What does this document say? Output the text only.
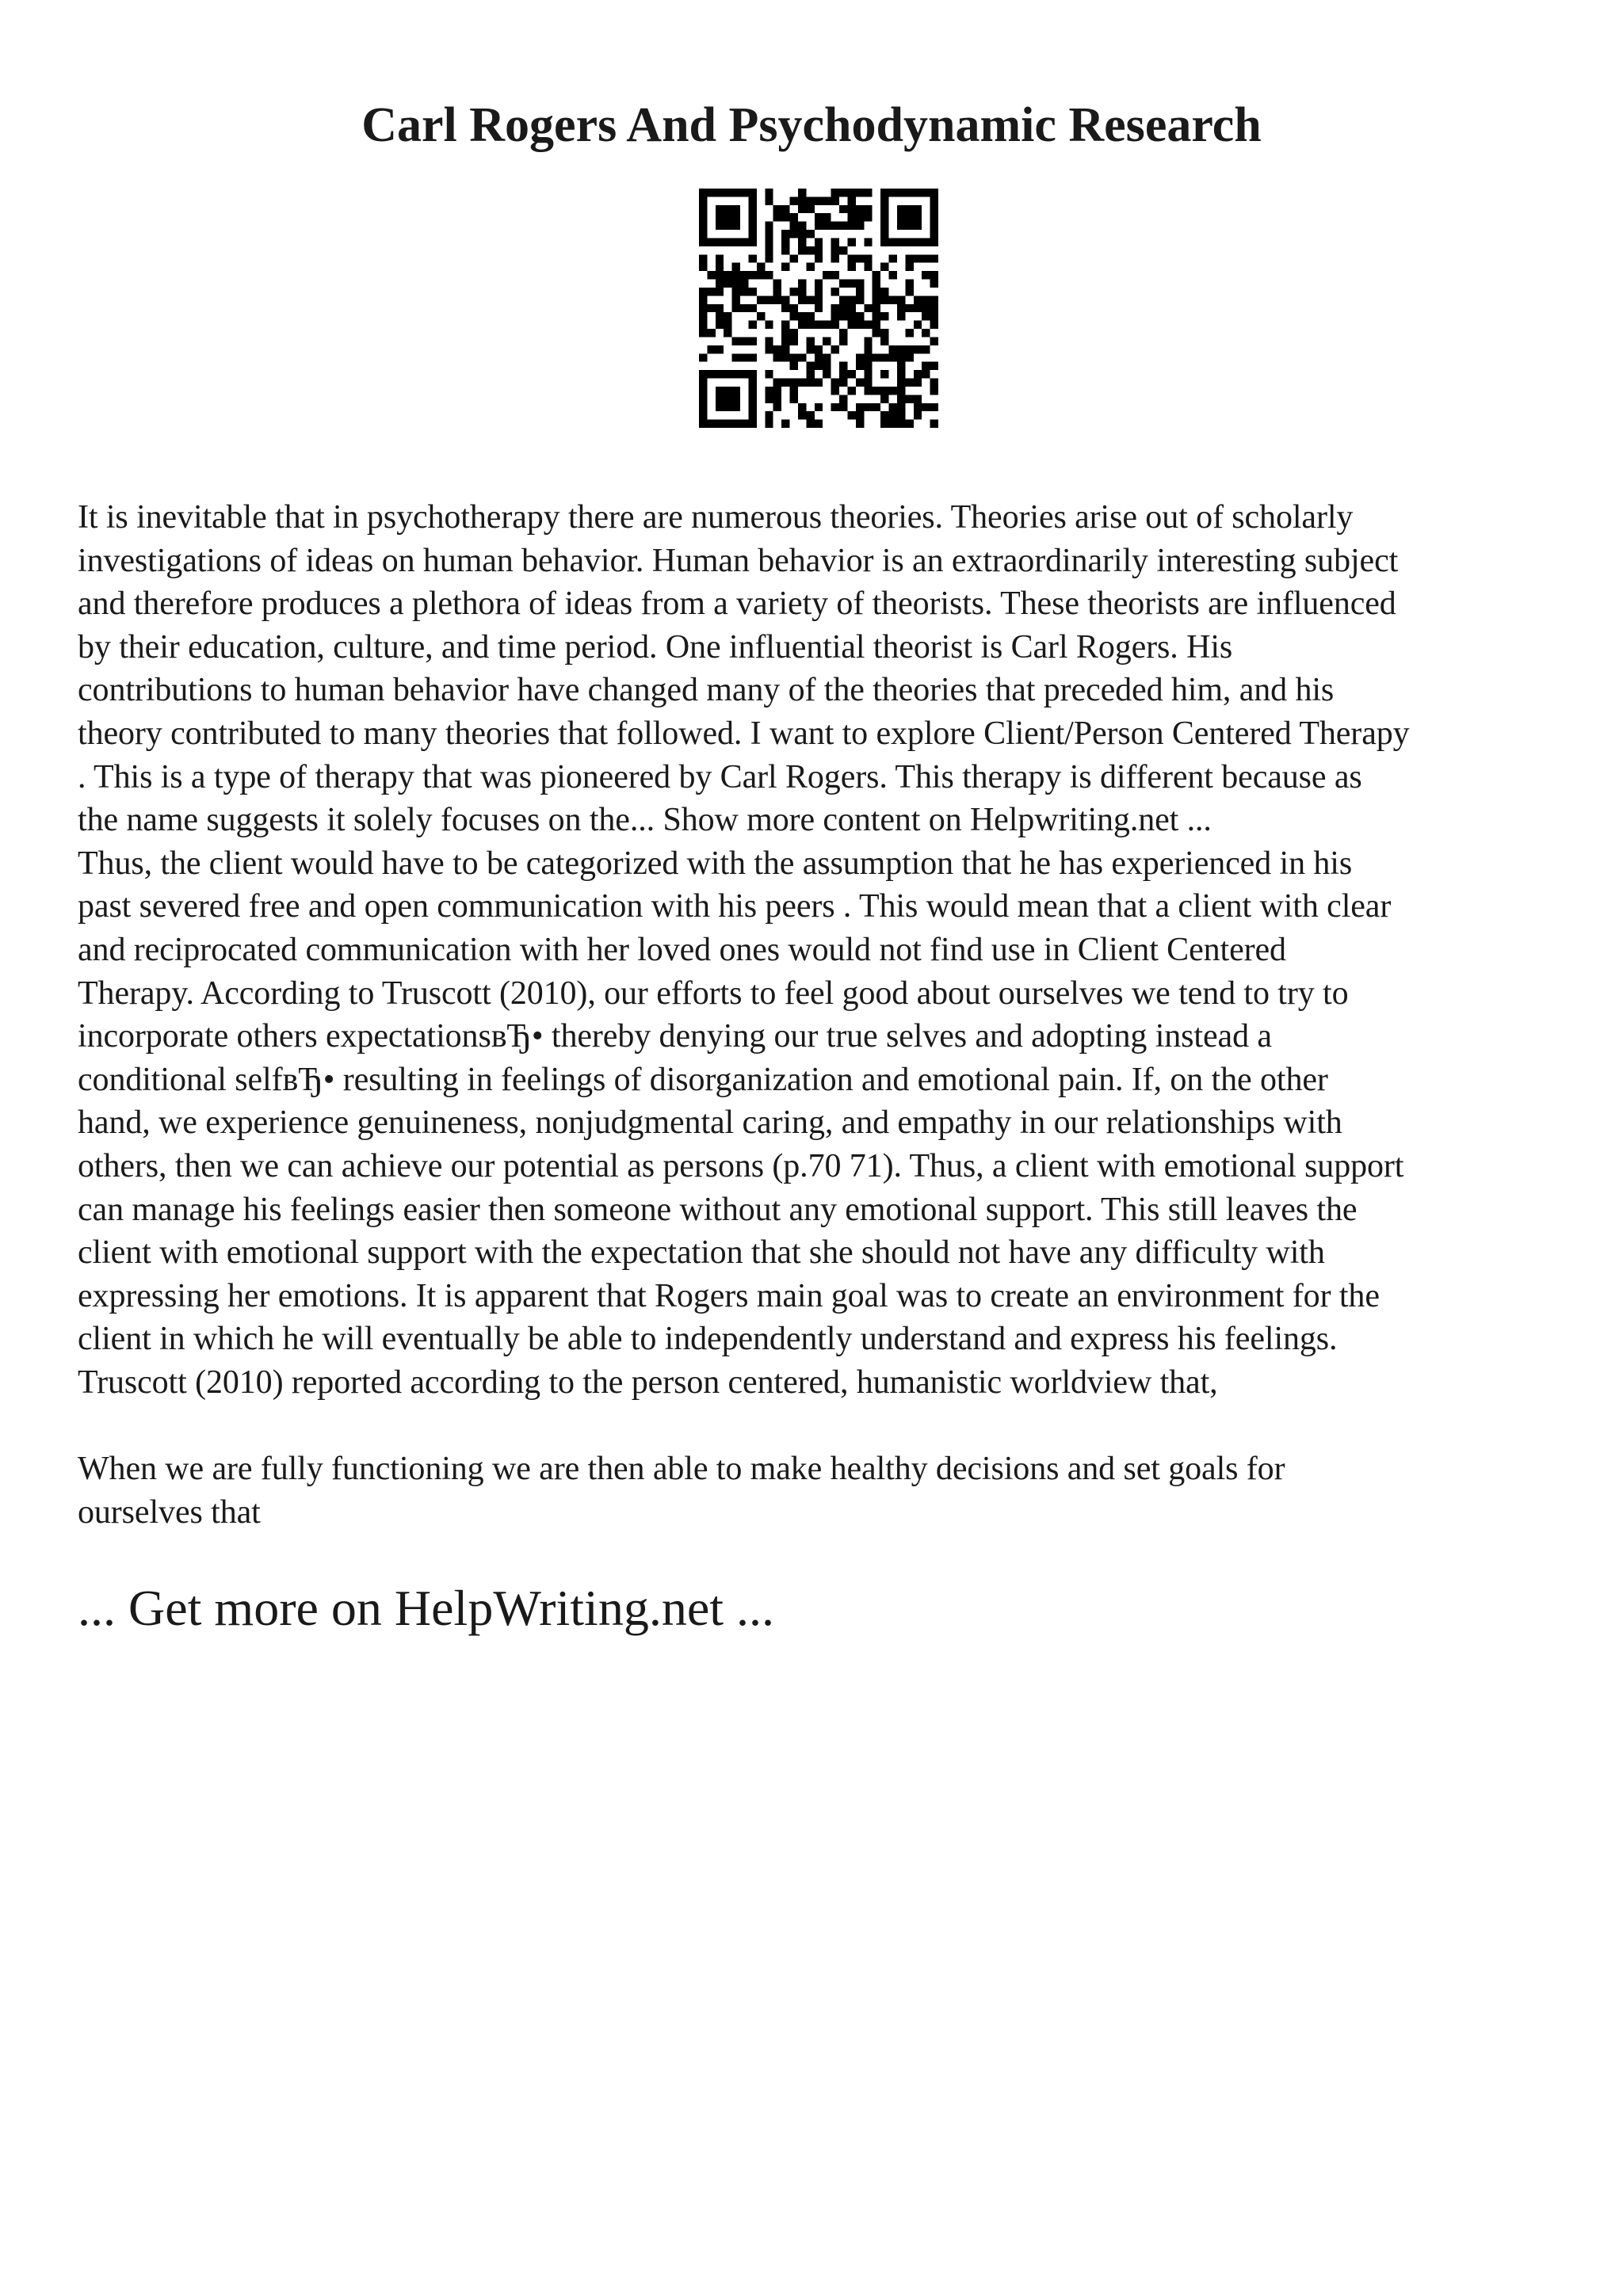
Carl Rogers And Psychodynamic Research

It is inevitable that in psychotherapy there are numerous theories. Theories arise out of scholarly
investigations of ideas on human behavior. Human behavior is an extraordinarily interesting subject
and therefore produces a plethora of ideas from a variety of theorists. These theorists are influenced
by their education, culture, and time period. One influential theorist is Carl Rogers. His
contributions to human behavior have changed many of the theories that preceded him, and his
theory contributed to many theories that followed. I want to explore Client/Person Centered Therapy
. This is a type of therapy that was pioneered by Carl Rogers. This therapy is different because as
the name suggests it solely focuses on the... Show more content on Helpwriting.net ...
Thus, the client would have to be categorized with the assumption that he has experienced in his
past severed free and open communication with his peers . This would mean that a client with clear
and reciprocated communication with her loved ones would not find use in Client Centered
Therapy. According to Truscott (2010), our efforts to feel good about ourselves we tend to try to
incorporate others expectationsвЂ• thereby denying our true selves and adopting instead a
conditional selfвЂ• resulting in feelings of disorganization and emotional pain. If, on the other
hand, we experience genuineness, nonjudgmental caring, and empathy in our relationships with
others, then we can achieve our potential as persons (p.70 71). Thus, a client with emotional support
can manage his feelings easier then someone without any emotional support. This still leaves the
client with emotional support with the expectation that she should not have any difficulty with
expressing her emotions. It is apparent that Rogers main goal was to create an environment for the
client in which he will eventually be able to independently understand and express his feelings.
Truscott (2010) reported according to the person centered, humanistic worldview that,

When we are fully functioning we are then able to make healthy decisions and set goals for
ourselves that

... Get more on HelpWriting.net ...
